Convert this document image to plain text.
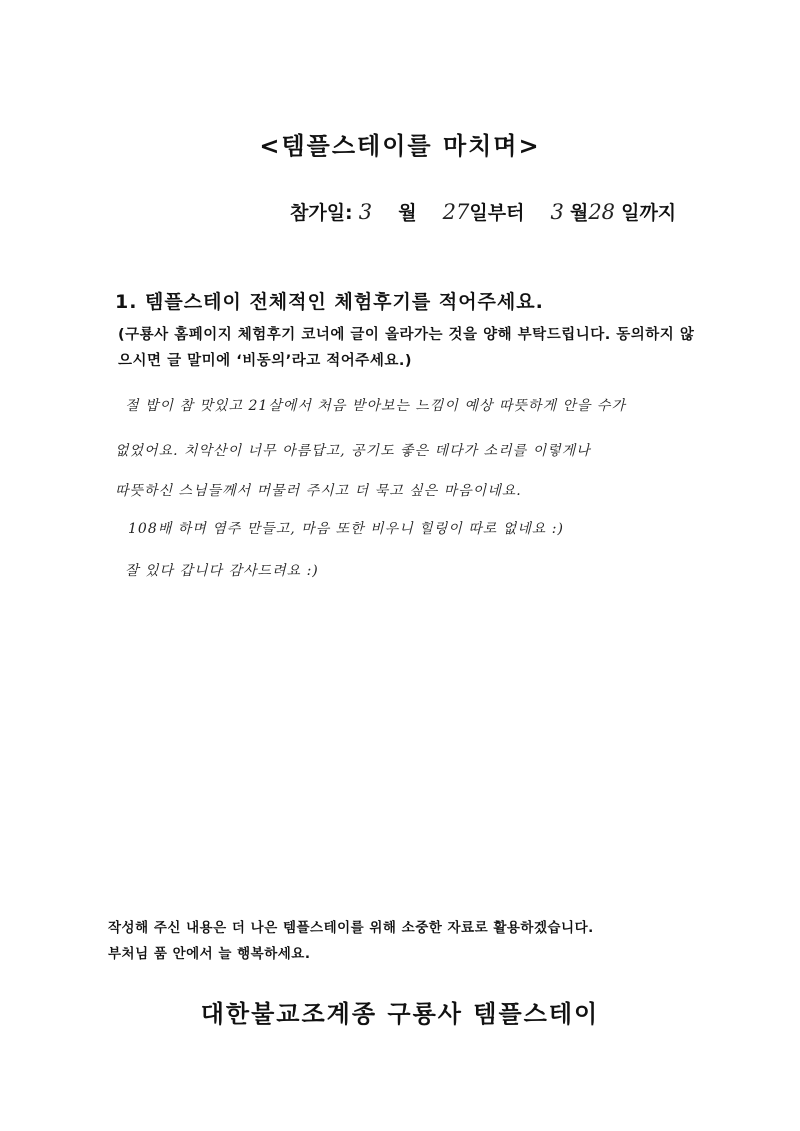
<템플스테이를 마치며>
참가일: 3 월 27일부터 3 월28 일까지
1. 템플스테이 전체적인 체험후기를 적어주세요.
(구룡사 홈페이지 체험후기 코너에 글이 올라가는 것을 양해 부탁드립니다. 동의하지 않으시면 글 말미에 ‘비동의’라고 적어주세요.)
절 밥이 참 맛있고 21살에서 처음 받아보는 느낌이 예상 따뜻하게 안을 수가
없었어요. 치악산이 너무 아름답고, 공기도 좋은 데다가 소리를 이렇게나
따뜻하신 스님들께서 머물러 주시고 더 묵고 싶은 마음이네요.
108배 하며 염주 만들고, 마음 또한 비우니 힐링이 따로 없네요 :)
잘 있다 갑니다 감사드려요 :)
작성해 주신 내용은 더 나은 템플스테이를 위해 소중한 자료로 활용하겠습니다.
부처님 품 안에서 늘 행복하세요.
대한불교조계종 구룡사 템플스테이
